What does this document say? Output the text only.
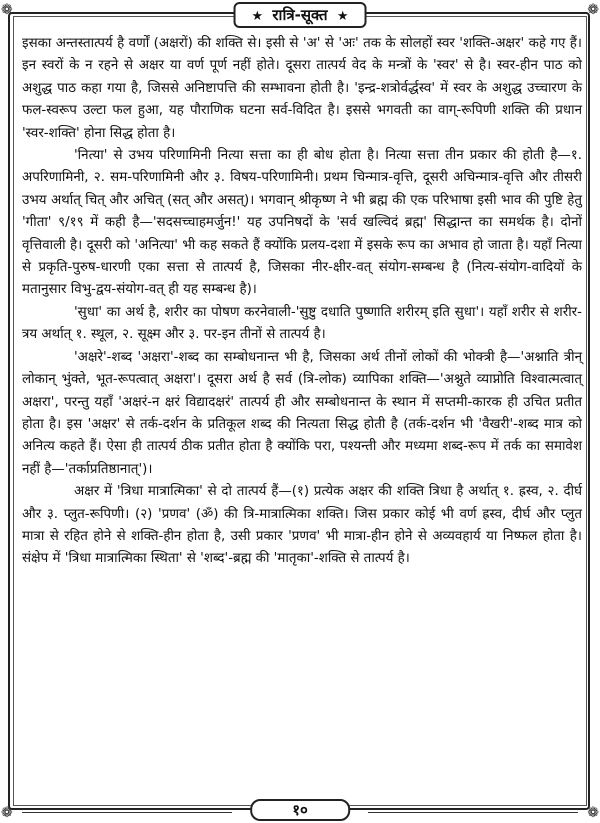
❁	❁
❁	❁
★ रात्रि-सूक्त ★

इसका अन्तस्तात्पर्य है वर्णों (अक्षरों) की शक्ति से। इसी से 'अ' से 'अः' तक के सोलहों स्वर 'शक्ति-अक्षर' कहे गए हैं। इन स्वरों के न रहने से अक्षर या वर्ण पूर्ण नहीं होते। दूसरा तात्पर्य वेद के मन्त्रों के 'स्वर' से है। स्वर-हीन पाठ को अशुद्ध पाठ कहा गया है, जिससे अनिष्टापत्ति की सम्भावना होती है। 'इन्द्र-शत्रोर्वर्द्धस्व' में स्वर के अशुद्ध उच्चारण के फल-स्वरूप उल्टा फल हुआ, यह पौराणिक घटना सर्व-विदित है। इससे भगवती का वाग्-रूपिणी शक्ति की प्रधान 'स्वर-शक्ति' होना सिद्ध होता है।

'नित्या' से उभय परिणामिनी नित्या सत्ता का ही बोध होता है। नित्या सत्ता तीन प्रकार की होती है—१. अपरिणामिनी, २. सम-परिणामिनी और ३. विषय-परिणामिनी। प्रथम चिन्मात्र-वृत्ति, दूसरी अचिन्मात्र-वृत्ति और तीसरी उभय अर्थात् चित् और अचित् (सत् और असत्)। भगवान् श्रीकृष्ण ने भी ब्रह्म की एक परिभाषा इसी भाव की पुष्टि हेतु 'गीता' ९/१९ में कही है—'सदसच्चाहमर्जुन!' यह उपनिषदों के 'सर्व खल्विदं ब्रह्म' सिद्धान्त का समर्थक है। दोनों वृत्तिवाली है। दूसरी को 'अनित्या' भी कह सकते हैं क्योंकि प्रलय-दशा में इसके रूप का अभाव हो जाता है। यहाँ नित्या से प्रकृति-पुरुष-धारणी एका सत्ता से तात्पर्य है, जिसका नीर-क्षीर-वत् संयोग-सम्बन्ध है (नित्य-संयोग-वादियों के मतानुसार विभु-द्वय-संयोग-वत् ही यह सम्बन्ध है)।

'सुधा' का अर्थ है, शरीर का पोषण करनेवाली-'सुष्टु दधाति पुष्णाति शरीरम् इति सुधा'। यहाँ शरीर से शरीर-त्रय अर्थात् १. स्थूल, २. सूक्ष्म और ३. पर-इन तीनों से तात्पर्य है।

'अक्षरे'-शब्द 'अक्षरा'-शब्द का सम्बोधनान्त भी है, जिसका अर्थ तीनों लोकों की भोक्त्री है—'अश्नाति त्रीन् लोकान् भुंक्ते, भूत-रूपत्वात् अक्षरा'। दूसरा अर्थ है सर्व (त्रि-लोक) व्यापिका शक्ति—'अश्नुते व्याप्नोति विश्वात्मत्वात् अक्षरा', परन्तु यहाँ 'अक्षरं-न क्षरं विद्यादक्षरं' तात्पर्य ही और सम्बोधनान्त के स्थान में सप्तमी-कारक ही उचित प्रतीत होता है। इस 'अक्षर' से तर्क-दर्शन के प्रतिकूल शब्द की नित्यता सिद्ध होती है (तर्क-दर्शन भी 'वैखरी'-शब्द मात्र को अनित्य कहते हैं। ऐसा ही तात्पर्य ठीक प्रतीत होता है क्योंकि परा, पश्यन्ती और मध्यमा शब्द-रूप में तर्क का समावेश नहीं है—'तर्काप्रतिष्ठानात्')।

अक्षर में 'त्रिधा मात्रात्मिका' से दो तात्पर्य हैं—(१) प्रत्येक अक्षर की शक्ति त्रिधा है अर्थात् १. ह्रस्व, २. दीर्घ और ३. प्लुत-रूपिणी। (२) 'प्रणव' (ॐ) की त्रि-मात्रात्मिका शक्ति। जिस प्रकार कोई भी वर्ण ह्रस्व, दीर्घ और प्लुत मात्रा से रहित होने से शक्ति-हीन होता है, उसी प्रकार 'प्रणव' भी मात्रा-हीन होने से अव्यवहार्य या निष्फल होता है। संक्षेप में 'त्रिधा मात्रात्मिका स्थिता' से 'शब्द'-ब्रह्म की 'मातृका'-शक्ति से तात्पर्य है।

१०
